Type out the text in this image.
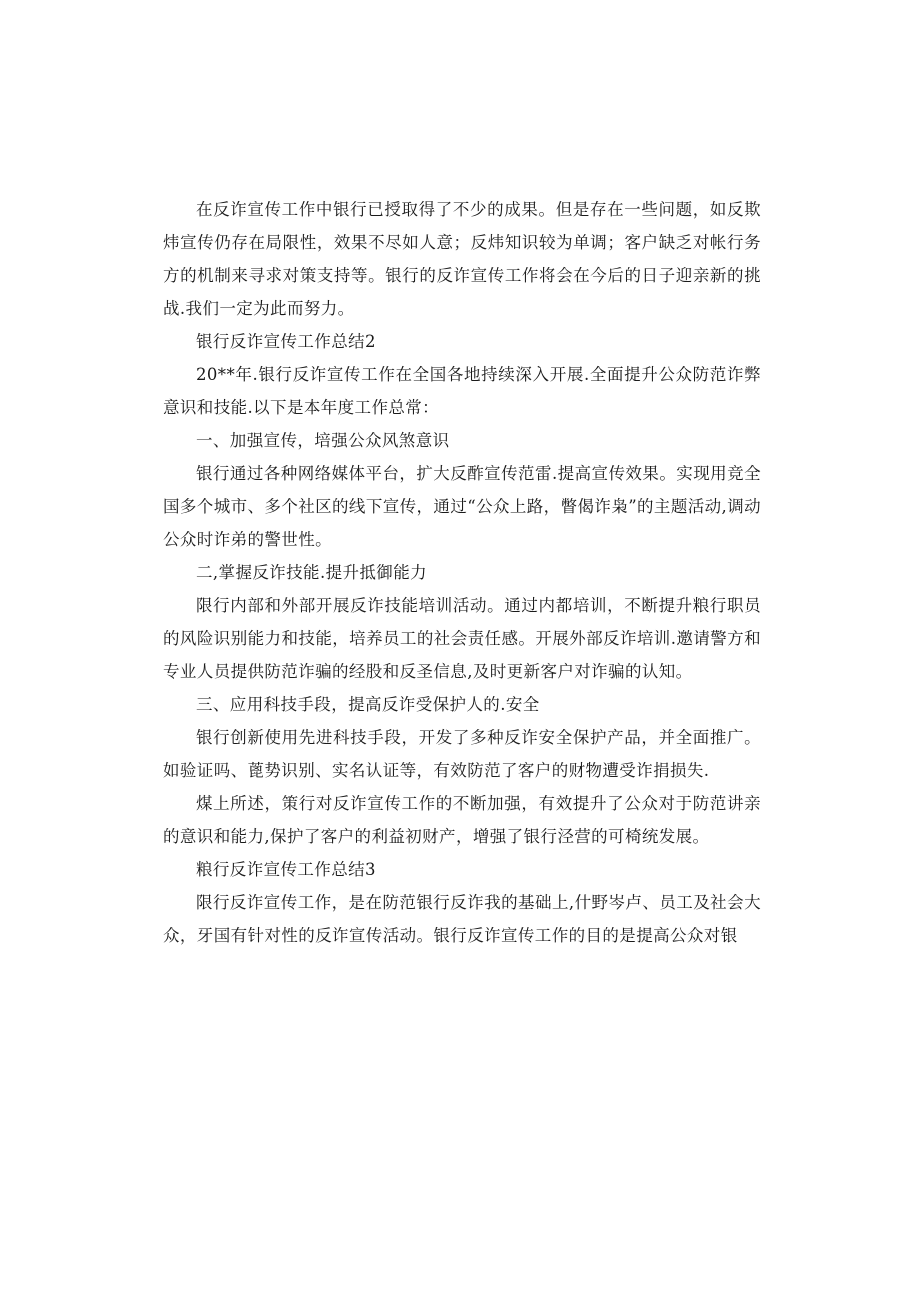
在反诈宣传工作中银行已授取得了不少的成果。但是存在一些问题，如反欺炜宣传仍存在局限性，效果不尽如人意；反炜知识较为单调；客户缺乏对帐行务方的机制来寻求对策支持等。银行的反诈宣传工作将会在今后的日子迎亲新的挑战.我们一定为此而努力。

银行反诈宣传工作总结2

20**年.银行反诈宣传工作在全国各地持续深入开展.全面提升公众防范诈弊意识和技能.以下是本年度工作总常：

一、加强宣传，培强公众风煞意识

银行通过各种网络媒体平台，扩大反酢宣传范雷.提高宣传效果。实现用竞全国多个城市、多个社区的线下宣传，通过“公众上路，瞥偈诈枭”的主题活动,调动公众时诈弟的警世性。

二,掌握反诈技能.提升抵御能力

限行内部和外部开展反诈技能培训活动。通过内都培训，不断提升粮行职员的风险识别能力和技能，培养员工的社会责任感。开展外部反诈培训.邀请警方和专业人员提供防范诈骗的经股和反圣信息,及时更新客户对诈骗的认知。

三、应用科技手段，提高反诈受保护人的.安全

银行创新使用先进科技手段，开发了多种反诈安全保护产品，并全面推广。如验证吗、蓖势识别、实名认证等，有效防范了客户的财物遭受诈捐损失.

煤上所述，策行对反诈宣传工作的不断加强，有效提升了公众对于防范讲亲的意识和能力,保护了客户的利益初财产，增强了银行泾营的可椅统发展。

粮行反诈宣传工作总结3

限行反诈宣传工作，是在防范银行反诈我的基础上,什野岑卢、员工及社会大众，牙国有针对性的反诈宣传活动。银行反诈宣传工作的目的是提高公众对银
